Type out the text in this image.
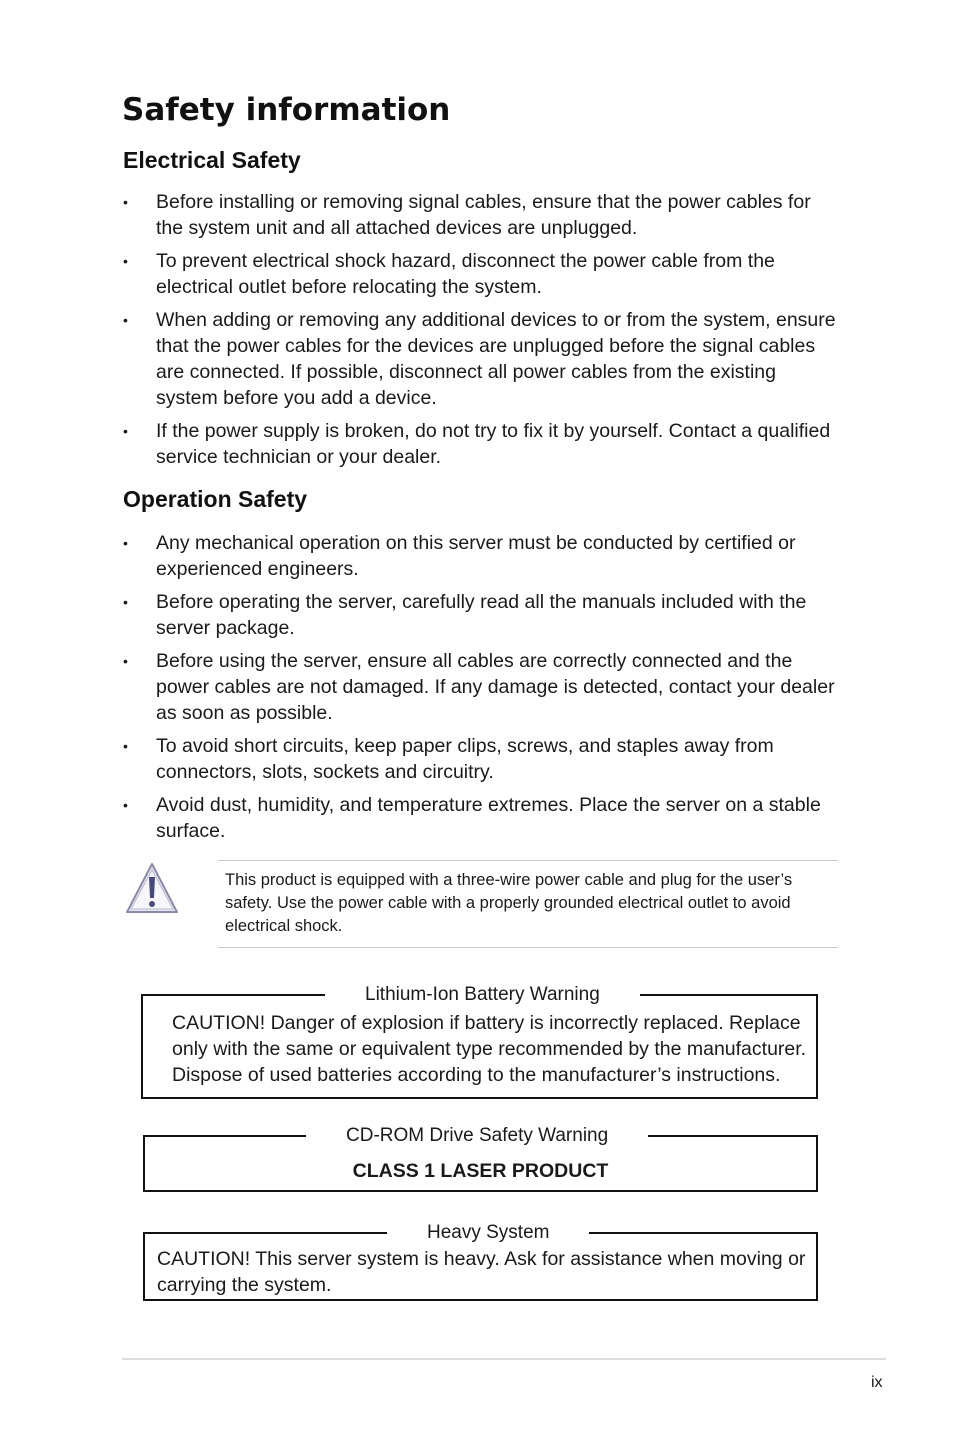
Safety information
Electrical Safety
• Before installing or removing signal cables, ensure that the power cables for the system unit and all attached devices are unplugged.
• To prevent electrical shock hazard, disconnect the power cable from the electrical outlet before relocating the system.
• When adding or removing any additional devices to or from the system, ensure that the power cables for the devices are unplugged before the signal cables are connected. If possible, disconnect all power cables from the existing system before you add a device.
• If the power supply is broken, do not try to fix it by yourself. Contact a qualified service technician or your dealer.
Operation Safety
• Any mechanical operation on this server must be conducted by certified or experienced engineers.
• Before operating the server, carefully read all the manuals included with the server package.
• Before using the server, ensure all cables are correctly connected and the power cables are not damaged. If any damage is detected, contact your dealer as soon as possible.
• To avoid short circuits, keep paper clips, screws, and staples away from connectors, slots, sockets and circuitry.
• Avoid dust, humidity, and temperature extremes. Place the server on a stable surface.

This product is equipped with a three-wire power cable and plug for the user’s safety. Use the power cable with a properly grounded electrical outlet to avoid electrical shock.

Lithium-Ion Battery Warning

CAUTION! Danger of explosion if battery is incorrectly replaced. Replace only with the same or equivalent type recommended by the manufacturer. Dispose of used batteries according to the manufacturer’s instructions.

CD-ROM Drive Safety Warning

CLASS 1 LASER PRODUCT

Heavy System

CAUTION! This server system is heavy. Ask for assistance when moving or carrying the system.

ix
